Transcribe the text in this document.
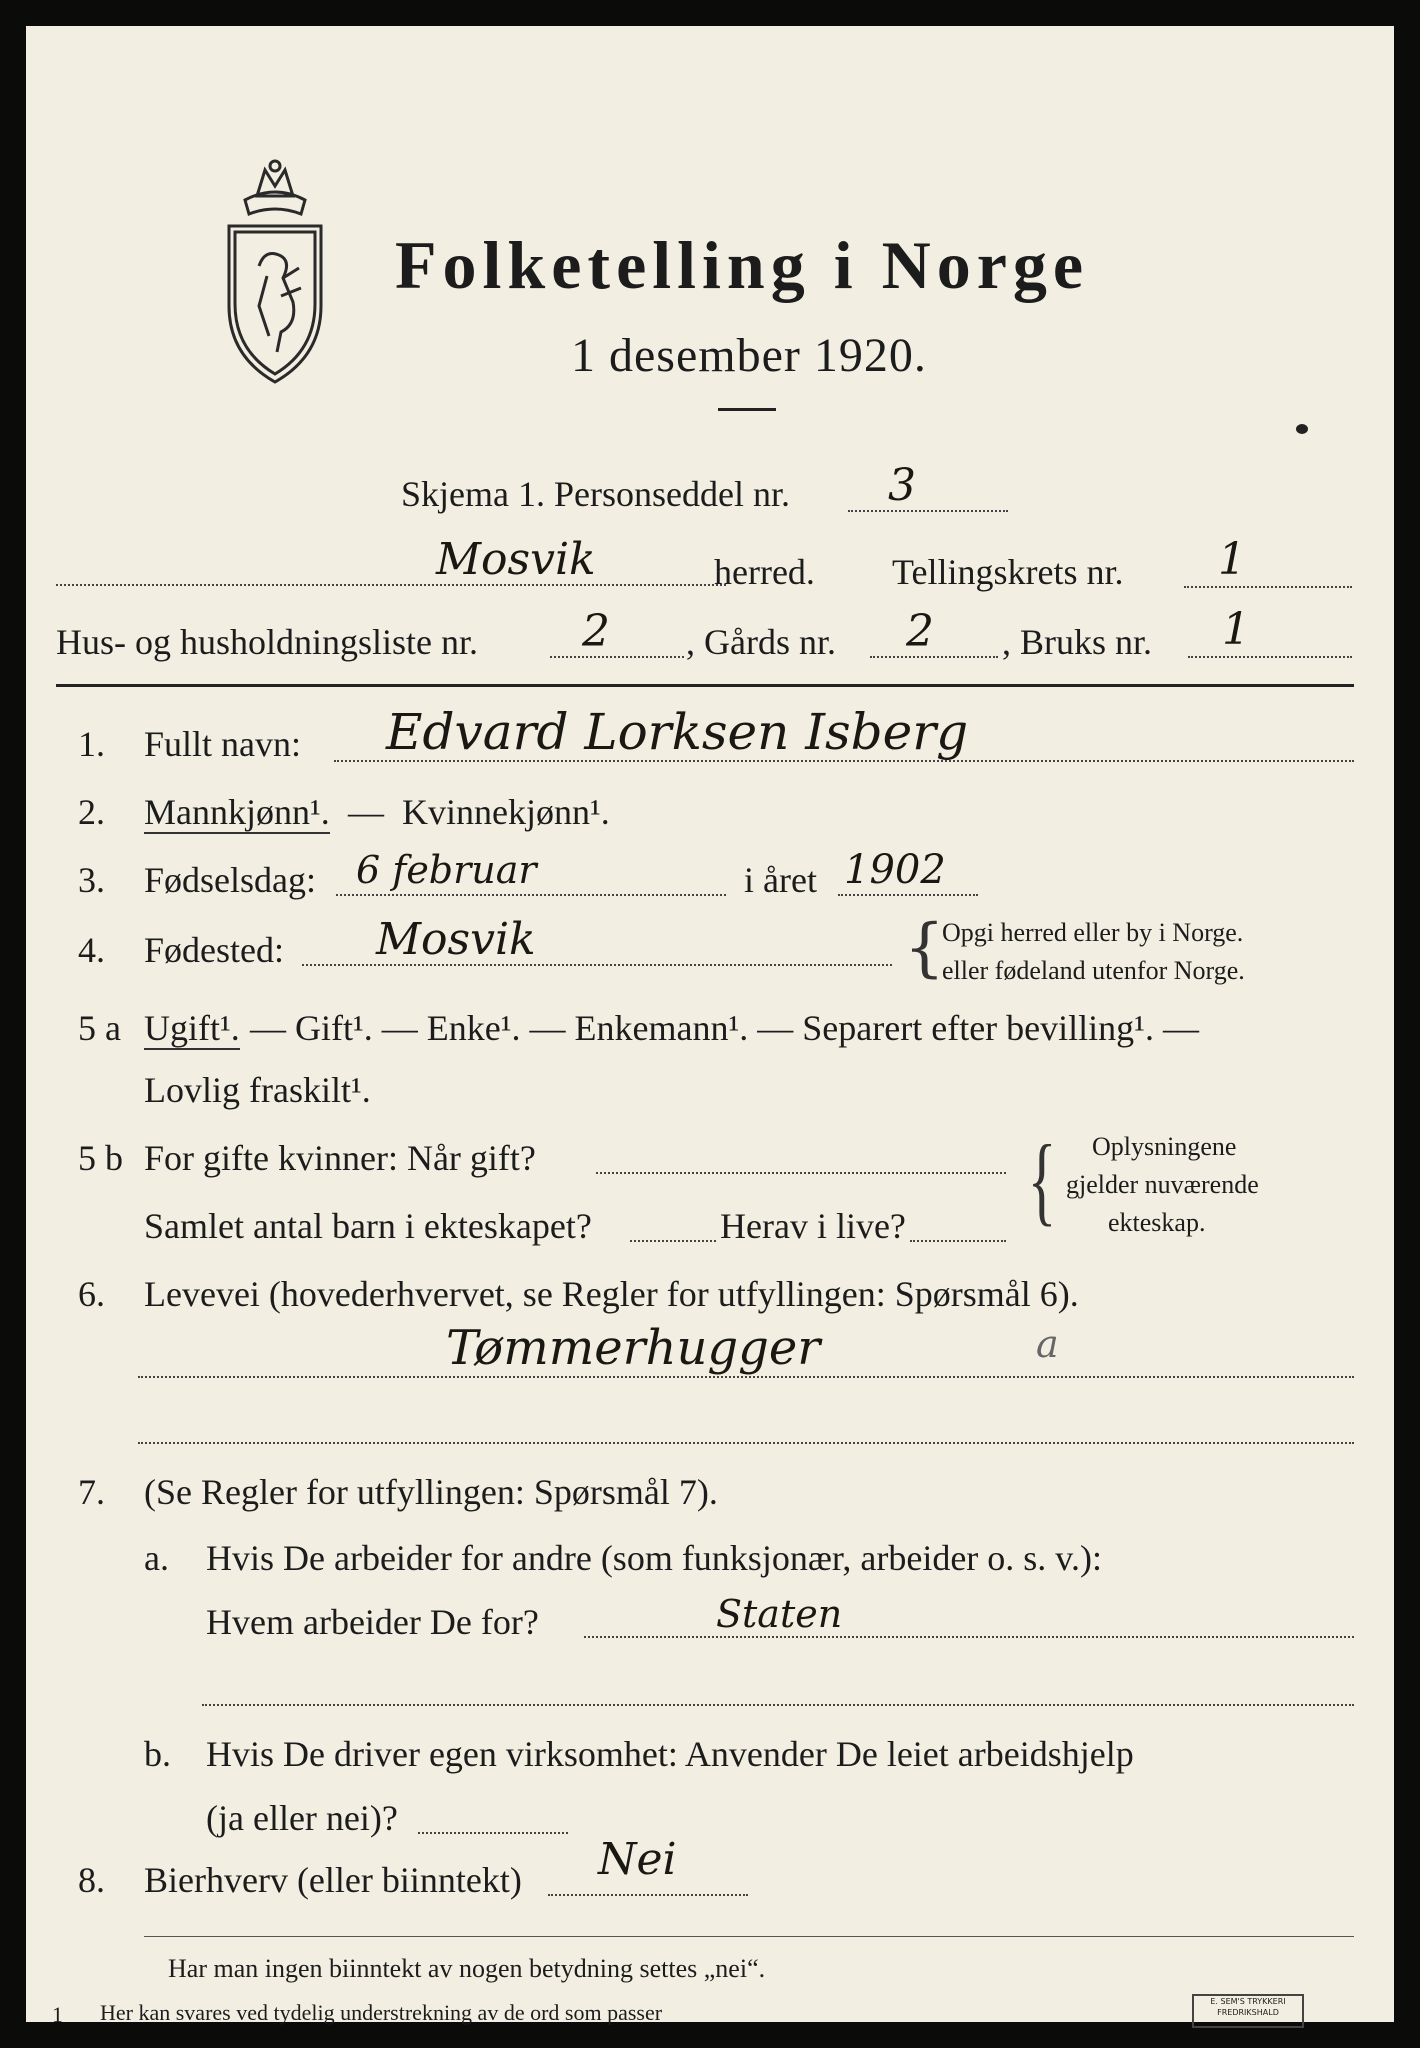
Folketelling i Norge
1 desember 1920.
Skjema 1. Personseddel nr. 3
Mosvik	herred. Tellingskrets nr. 1
Hus- og husholdningsliste nr. 2 , Gårds nr. 2 , Bruks nr. 1
1. Fullt navn: Edvard Lorksen Isberg
2. Mannkjønn¹. — Kvinnekjønn¹.
3. Fødselsdag: 6 februar	i året 1902
4. Fødested: Mosvik	{
Opgi herred eller by i Norge.
eller fødeland utenfor Norge.
5 a Ugift¹. — Gift¹. — Enke¹. — Enkemann¹. — Separert efter bevilling¹. —
Lovlig fraskilt¹.
5 b For gifte kvinner: Når gift?
Samlet antal barn i ekteskapet?	Herav i live? { Oplysningene
gjelder nuværende
ekteskap.
6. Levevei (hovederhvervet, se Regler for utfyllingen: Spørsmål 6).
Tømmerhugger	a
7. (Se Regler for utfyllingen: Spørsmål 7).
a. Hvis De arbeider for andre (som funksjonær, arbeider o. s. v.):
Hvem arbeider De for?	Staten
b. Hvis De driver egen virksomhet: Anvender De leiet arbeidshjelp
(ja eller nei)?
8. Bierhverv (eller biinntekt) Nei
Har man ingen biinntekt av nogen betydning settes „nei“.
1 Her kan svares ved tydelig understrekning av de ord som passer	E. SEM'S TRYKKERI
FREDRIKSHALD
